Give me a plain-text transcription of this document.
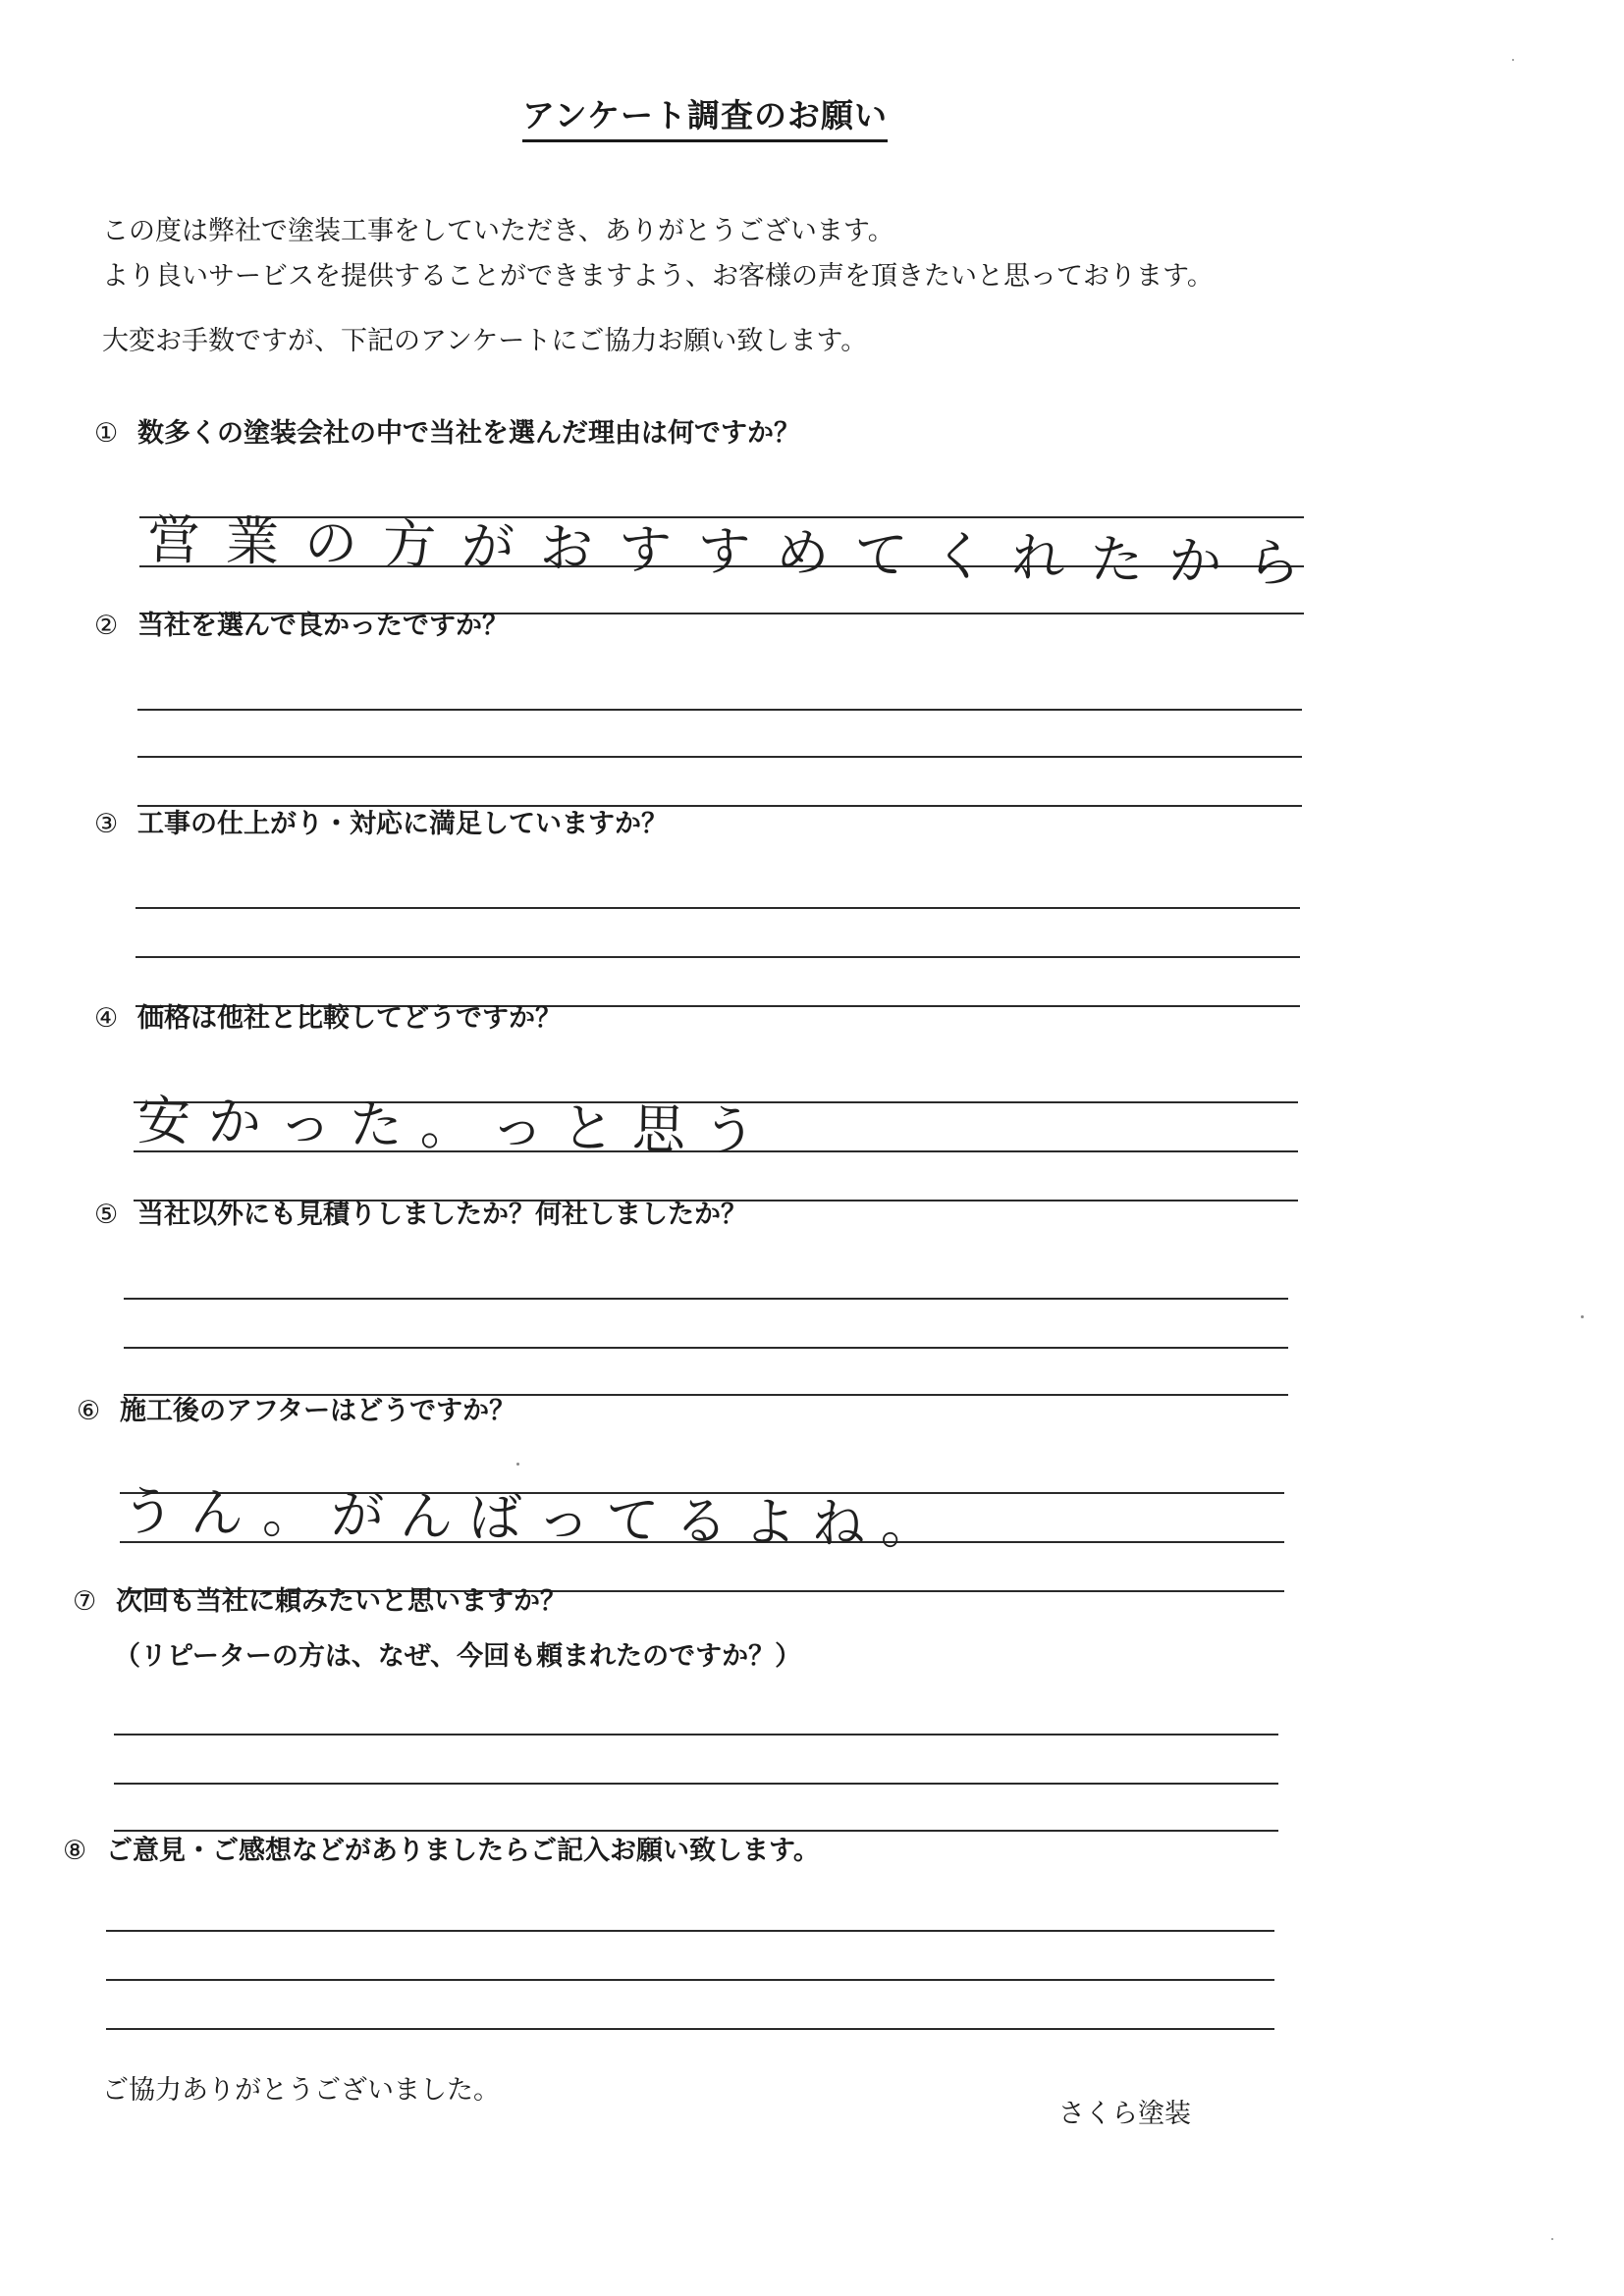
アンケート調査のお願い
この度は弊社で塗装工事をしていただき、ありがとうございます。
より良いサービスを提供することができますよう、お客様の声を頂きたいと思っております。
大変お手数ですが、下記のアンケートにご協力お願い致します。
① 数多くの塗装会社の中で当社を選んだ理由は何ですか？
営業の方がおすすめてくれたから
② 当社を選んで良かったですか？
③ 工事の仕上がり・対応に満足していますか？
④ 価格は他社と比較してどうですか？
安かった。っと思う
⑤ 当社以外にも見積りしましたか？何社しましたか？
⑥ 施工後のアフターはどうですか？
うん。がんばってるよね。
⑦ 次回も当社に頼みたいと思いますか？
（リピーターの方は、なぜ、今回も頼まれたのですか？）
⑧ ご意見・ご感想などがありましたらご記入お願い致します。
ご協力ありがとうございました。
さくら塗装
